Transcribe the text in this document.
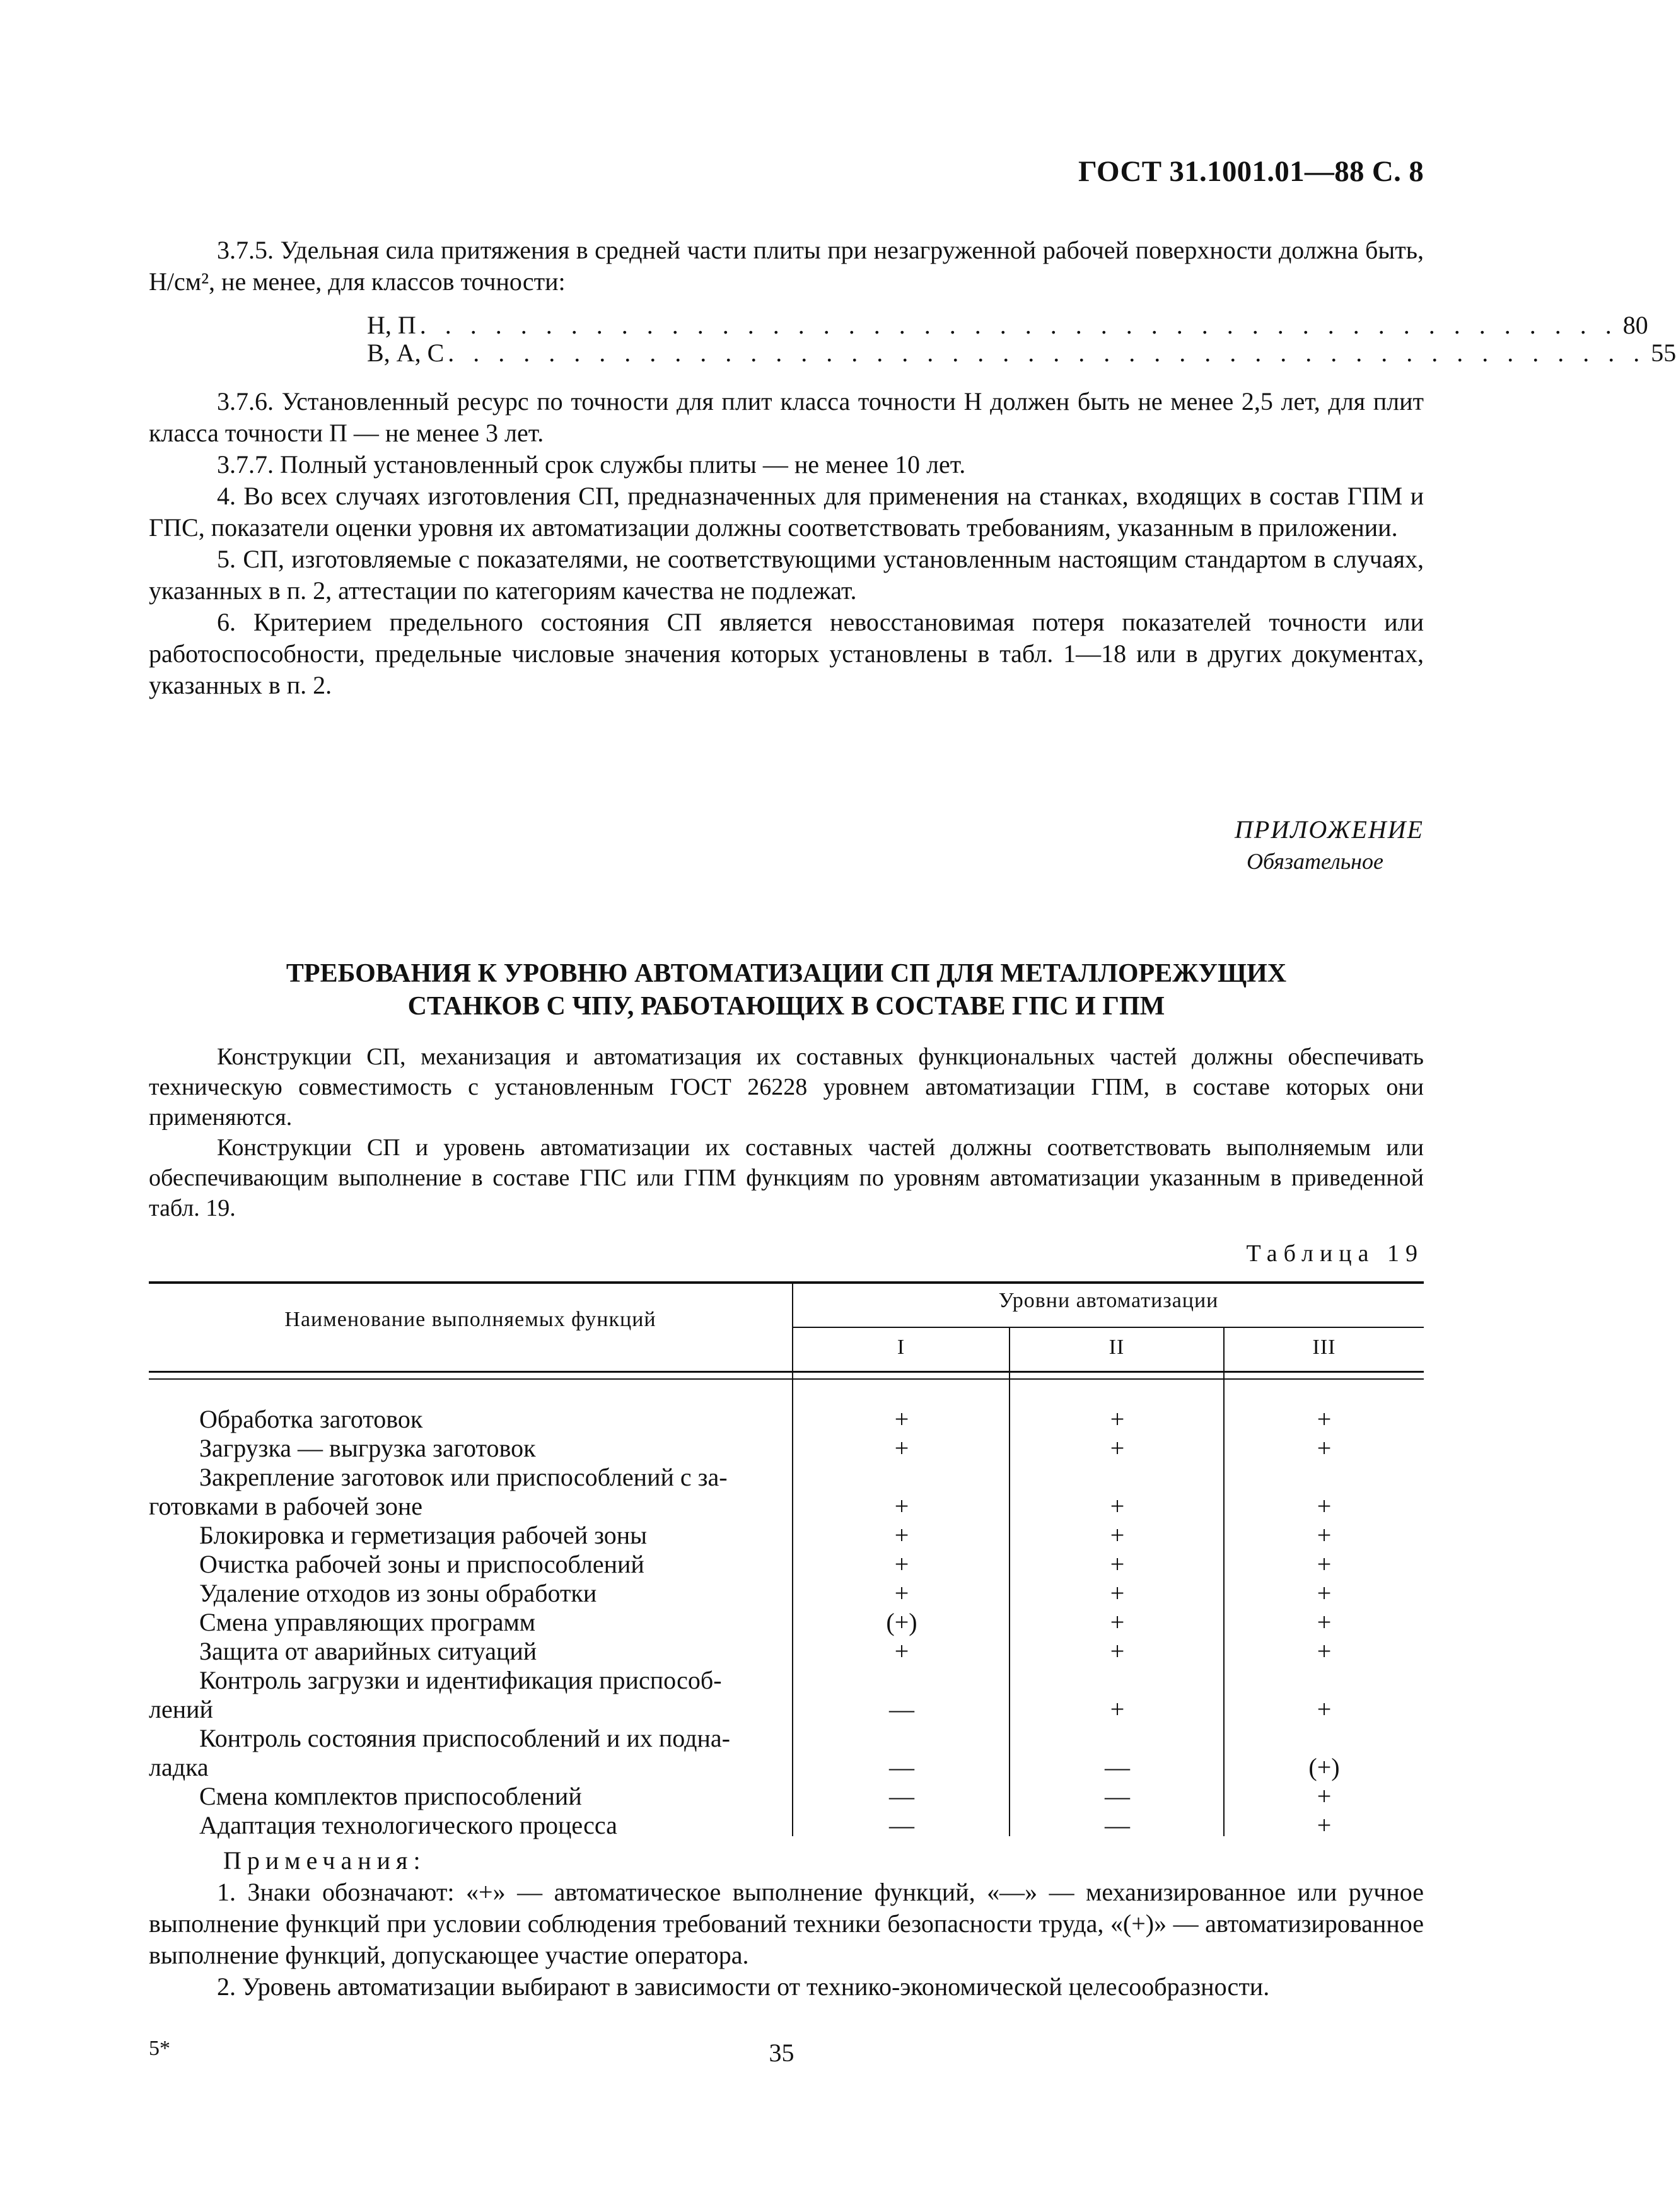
ГОСТ 31.1001.01—88 С. 8

3.7.5. Удельная сила притяжения в средней части плиты при незагруженной рабочей поверхности должна быть, Н/см², не менее, для классов точности:

Н, П . . . . . . . . . . . . . . . . . . . . . . . . . . . . . . . . . . . . . . . . . . . . . . . . 80
В, А, С . . . . . . . . . . . . . . . . . . . . . . . . . . . . . . . . . . . . . . . . . . . . . . . . 55

3.7.6. Установленный ресурс по точности для плит класса точности Н должен быть не менее 2,5 лет, для плит класса точности П — не менее 3 лет.

3.7.7. Полный установленный срок службы плиты — не менее 10 лет.

4. Во всех случаях изготовления СП, предназначенных для применения на станках, входящих в состав ГПМ и ГПС, показатели оценки уровня их автоматизации должны соответствовать требованиям, указанным в приложении.

5. СП, изготовляемые с показателями, не соответствующими установленным настоящим стандартом в случаях, указанных в п. 2, аттестации по категориям качества не подлежат.

6. Критерием предельного состояния СП является невосстановимая потеря показателей точности или работоспособности, предельные числовые значения которых установлены в табл. 1—18 или в других документах, указанных в п. 2.

ПРИЛОЖЕНИЕ
Обязательное
ТРЕБОВАНИЯ К УРОВНЮ АВТОМАТИЗАЦИИ СП ДЛЯ МЕТАЛЛОРЕЖУЩИХ
СТАНКОВ С ЧПУ, РАБОТАЮЩИХ В СОСТАВЕ ГПС И ГПМ

Конструкции СП, механизация и автоматизация их составных функциональных частей должны обеспечивать техническую совместимость с установленным ГОСТ 26228 уровнем автоматизации ГПМ, в составе которых они применяются.

Конструкции СП и уровень автоматизации их составных частей должны соответствовать выполняемым или обеспечивающим выполнение в составе ГПС или ГПМ функциям по уровням автоматизации указанным в приведенной табл. 19.

Таблица 19
Наименование выполняемых функций
Уровни автоматизации
I	II	III
Обработка заготовок	+	+	+
Загрузка — выгрузка заготовок	+	+	+
Закрепление заготовок или приспособлений с за-
готовками в рабочей зоне	+	+	+
Блокировка и герметизация рабочей зоны	+	+	+
Очистка рабочей зоны и приспособлений	+	+	+
Удаление отходов из зоны обработки	+	+	+
Смена управляющих программ	(+)	+	+
Защита от аварийных ситуаций	+	+	+
Контроль загрузки и идентификация приспособ-
лений	—	+	+
Контроль состояния приспособлений и их подна-
ладка	—	—	(+)
Смена комплектов приспособлений	—	—	+
Адаптация технологического процесса	—	—	+
Примечания:

1. Знаки обозначают: «+» — автоматическое выполнение функций, «—» — механизированное или ручное выполнение функций при условии соблюдения требований техники безопасности труда, «(+)» — автоматизированное выполнение функций, допускающее участие оператора.

2. Уровень автоматизации выбирают в зависимости от технико-экономической целесообразности.

5*	35
